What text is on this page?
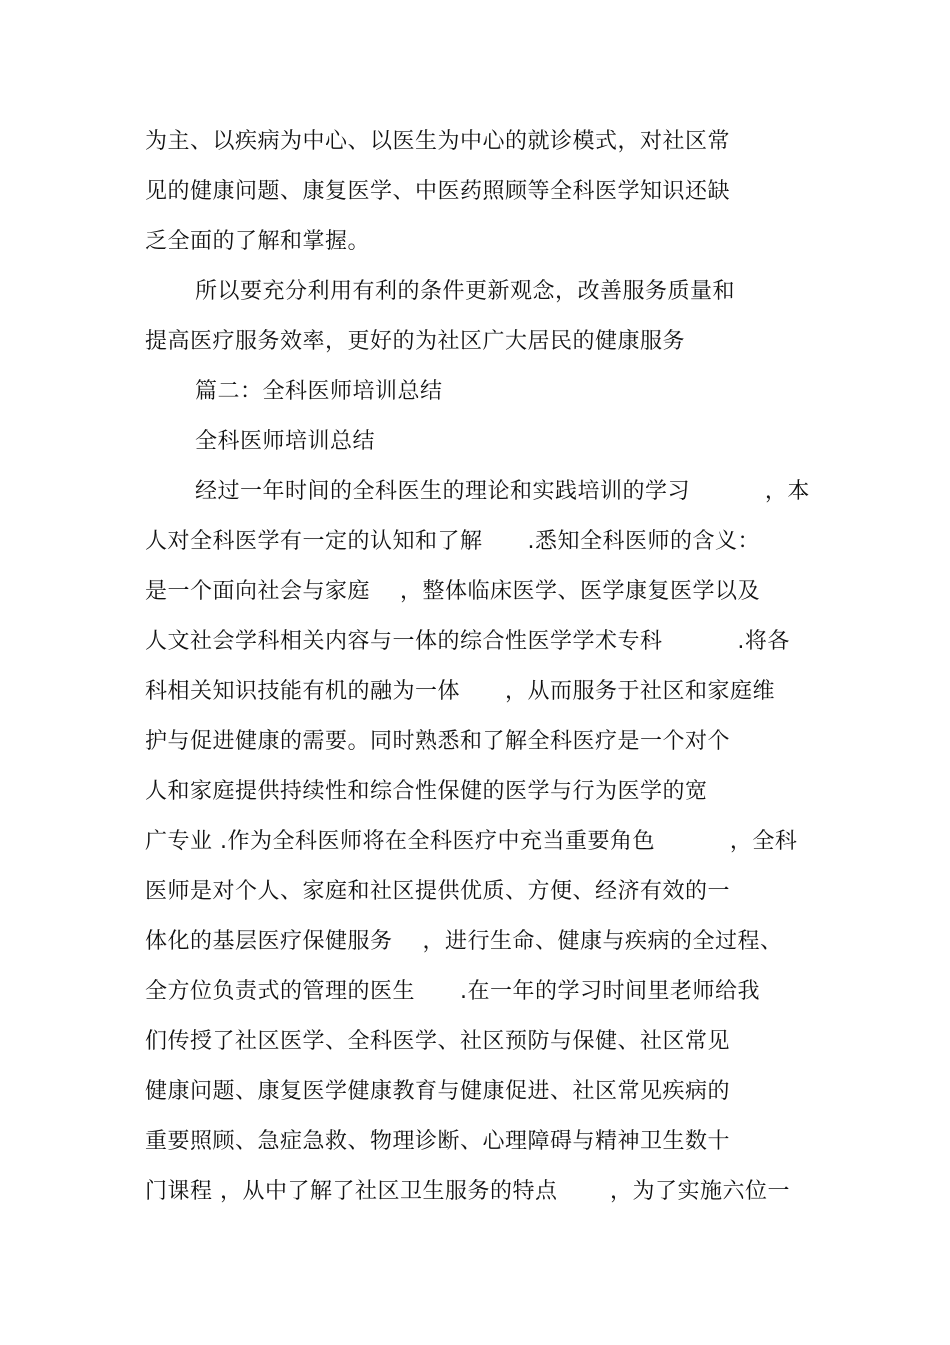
为主、以疾病为中心、以医生为中心的就诊模式，对社区常
见的健康问题、康复医学、中医药照顾等全科医学知识还缺
乏全面的了解和掌握。
所以要充分利用有利的条件更新观念，改善服务质量和
提高医疗服务效率，更好的为社区广大居民的健康服务
篇二：全科医师培训总结
全科医师培训总结
经过一年时间的全科医生的理论和实践培训的学习          ，本
人对全科医学有一定的认知和了解      .悉知全科医师的含义：
是一个面向社会与家庭    ，整体临床医学、医学康复医学以及
人文社会学科相关内容与一体的综合性医学学术专科          .将各
科相关知识技能有机的融为一体      ，从而服务于社区和家庭维
护与促进健康的需要。同时熟悉和了解全科医疗是一个对个
人和家庭提供持续性和综合性保健的医学与行为医学的宽
广专业 .作为全科医师将在全科医疗中充当重要角色          ，全科
医师是对个人、家庭和社区提供优质、方便、经济有效的一
体化的基层医疗保健服务    ，进行生命、健康与疾病的全过程、
全方位负责式的管理的医生      .在一年的学习时间里老师给我
们传授了社区医学、全科医学、社区预防与保健、社区常见
健康问题、康复医学健康教育与健康促进、社区常见疾病的
重要照顾、急症急救、物理诊断、心理障碍与精神卫生数十
门课程 ，从中了解了社区卫生服务的特点       ，为了实施六位一
